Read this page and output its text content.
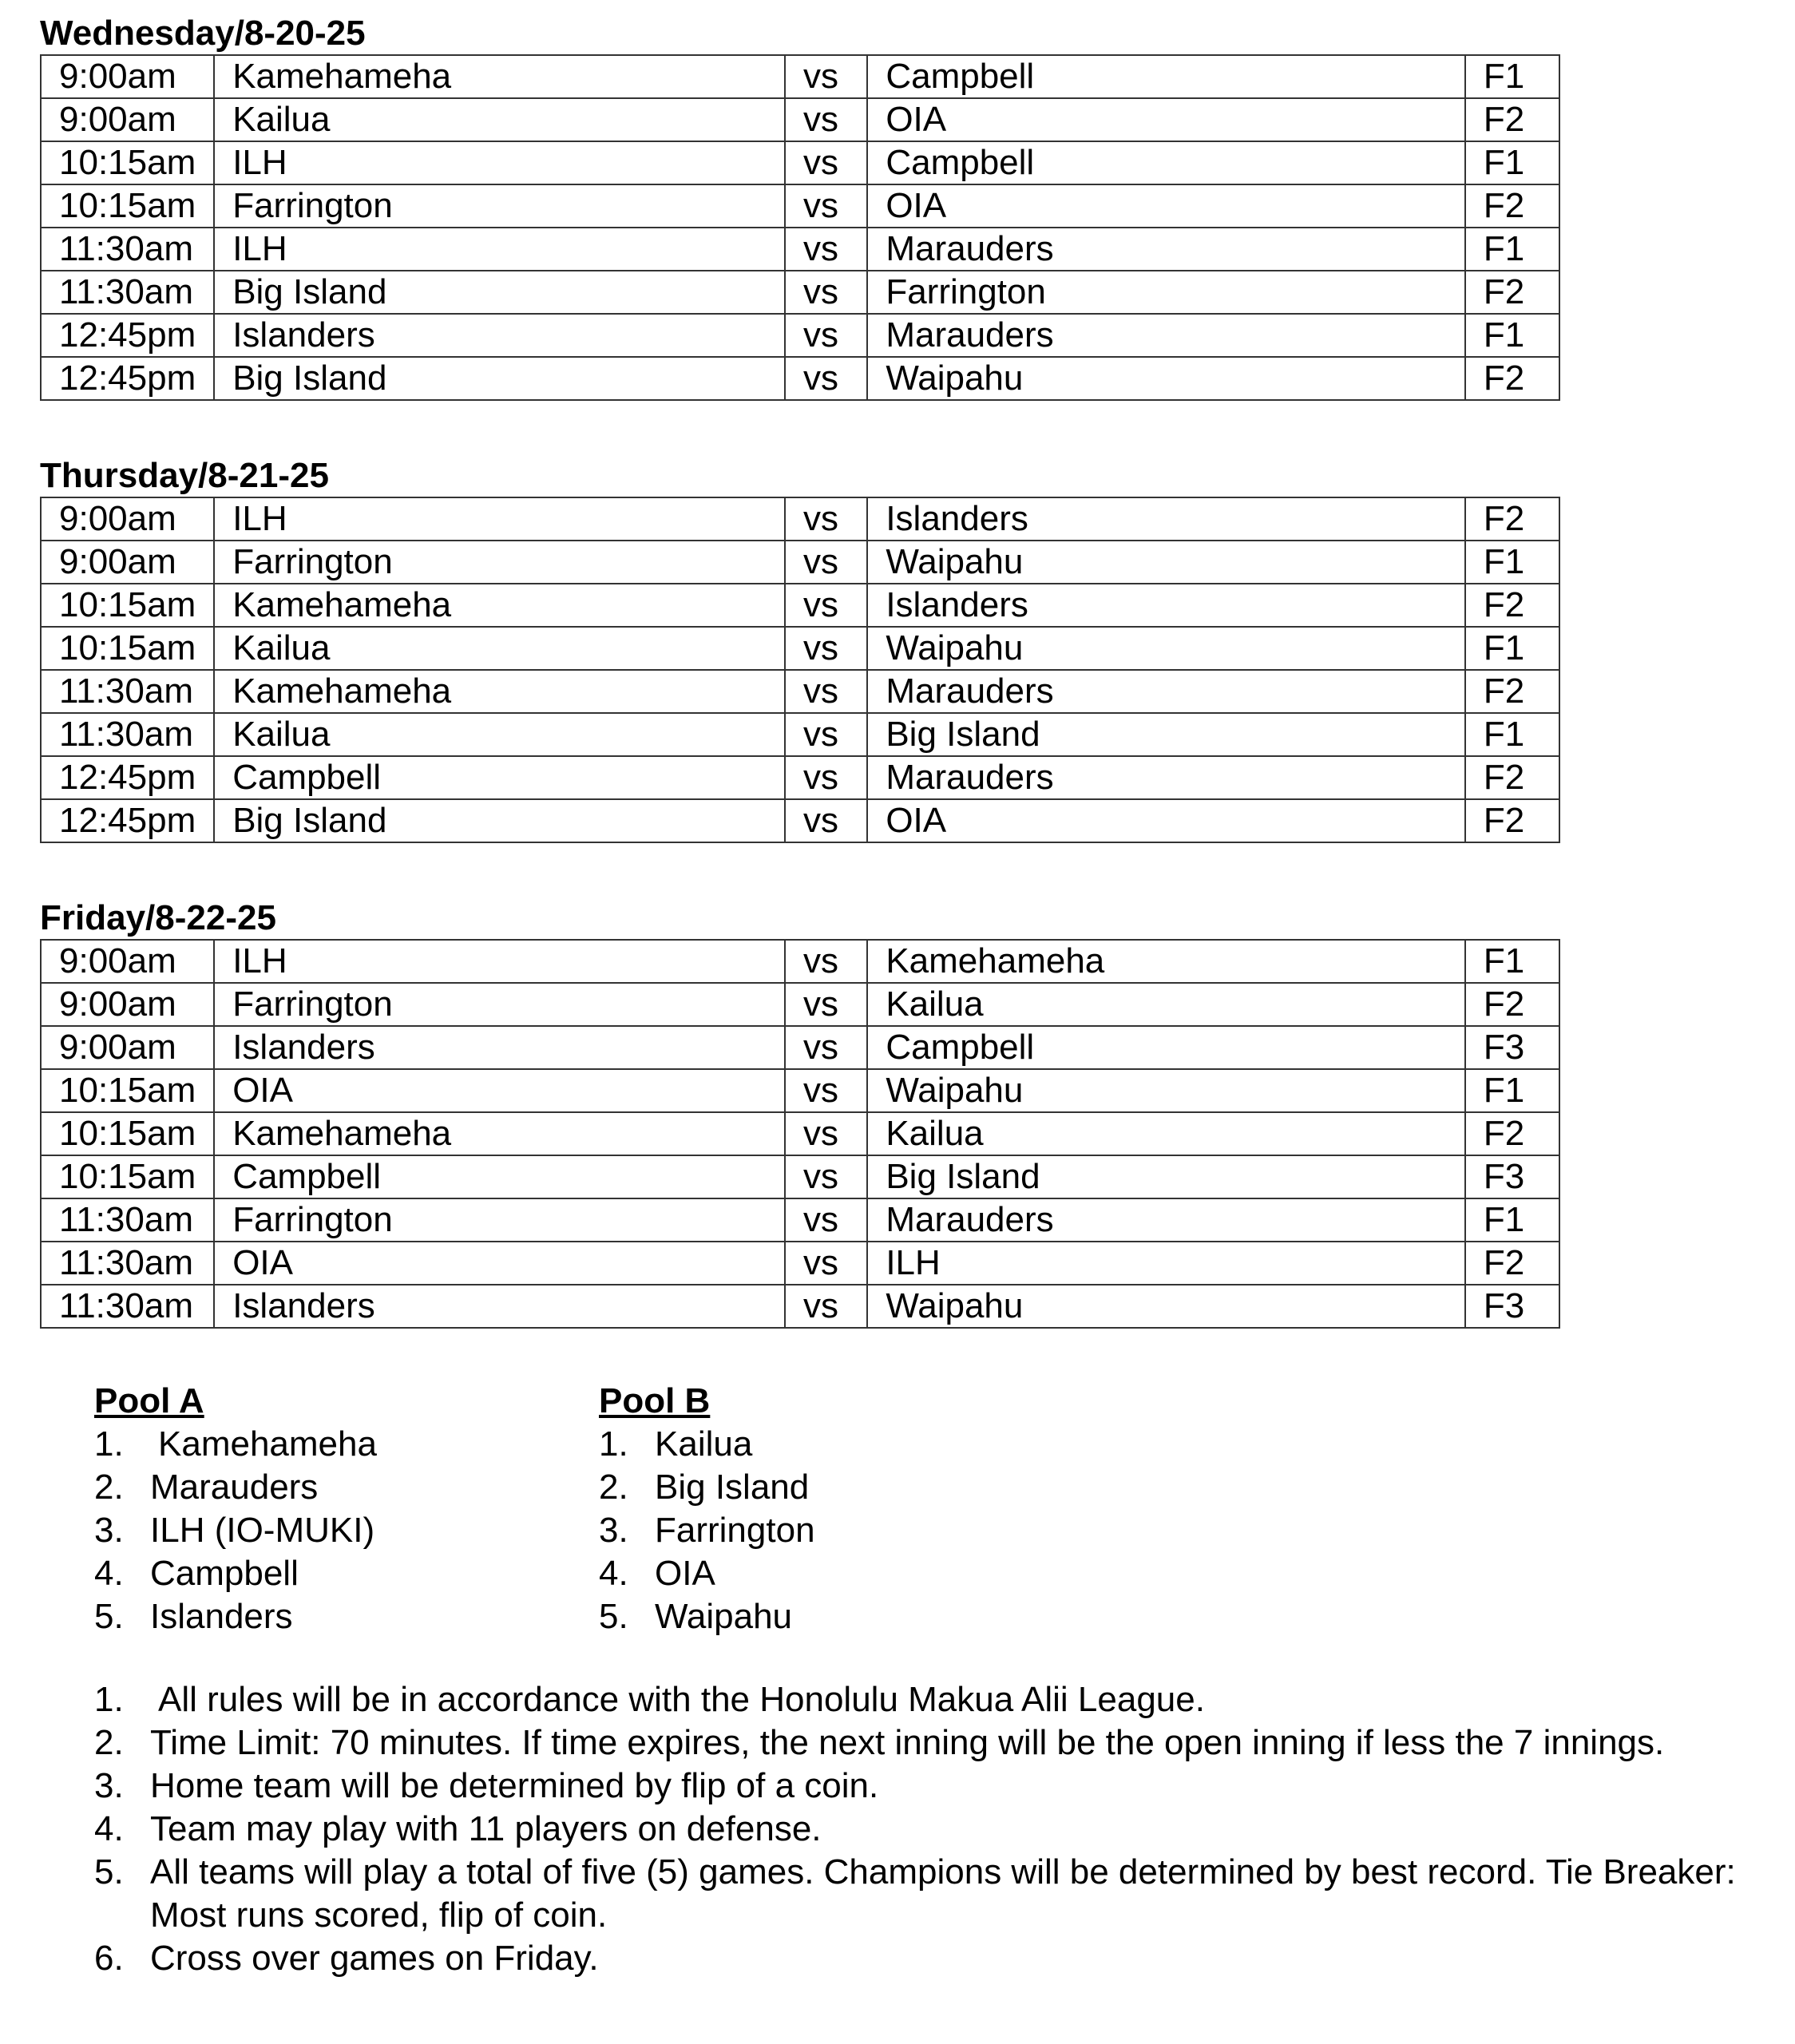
Wednesday/8-20-25
9:00am	Kamehameha	vs	Campbell	F1
9:00am	Kailua	vs	OIA	F2
10:15am	ILH	vs	Campbell	F1
10:15am	Farrington	vs	OIA	F2
11:30am	ILH	vs	Marauders	F1
11:30am	Big Island	vs	Farrington	F2
12:45pm	Islanders	vs	Marauders	F1
12:45pm	Big Island	vs	Waipahu	F2
Thursday/8-21-25
9:00am	ILH	vs	Islanders	F2
9:00am	Farrington	vs	Waipahu	F1
10:15am	Kamehameha	vs	Islanders	F2
10:15am	Kailua	vs	Waipahu	F1
11:30am	Kamehameha	vs	Marauders	F2
11:30am	Kailua	vs	Big Island	F1
12:45pm	Campbell	vs	Marauders	F2
12:45pm	Big Island	vs	OIA	F2
Friday/8-22-25
9:00am	ILH	vs	Kamehameha	F1
9:00am	Farrington	vs	Kailua	F2
9:00am	Islanders	vs	Campbell	F3
10:15am	OIA	vs	Waipahu	F1
10:15am	Kamehameha	vs	Kailua	F2
10:15am	Campbell	vs	Big Island	F3
11:30am	Farrington	vs	Marauders	F1
11:30am	OIA	vs	ILH	F2
11:30am	Islanders	vs	Waipahu	F3
Pool A
1. Kamehameha
2. Marauders
3. ILH (IO-MUKI)
4. Campbell
5. Islanders
Pool B
1. Kailua
2. Big Island
3. Farrington
4. OIA
5. Waipahu
1. All rules will be in accordance with the Honolulu Makua Alii League.
2. Time Limit: 70 minutes. If time expires, the next inning will be the open inning if less the 7 innings.
3. Home team will be determined by flip of a coin.
4. Team may play with 11 players on defense.
5. All teams will play a total of five (5) games. Champions will be determined by best record. Tie Breaker: Most runs scored, flip of coin.
6. Cross over games on Friday.
